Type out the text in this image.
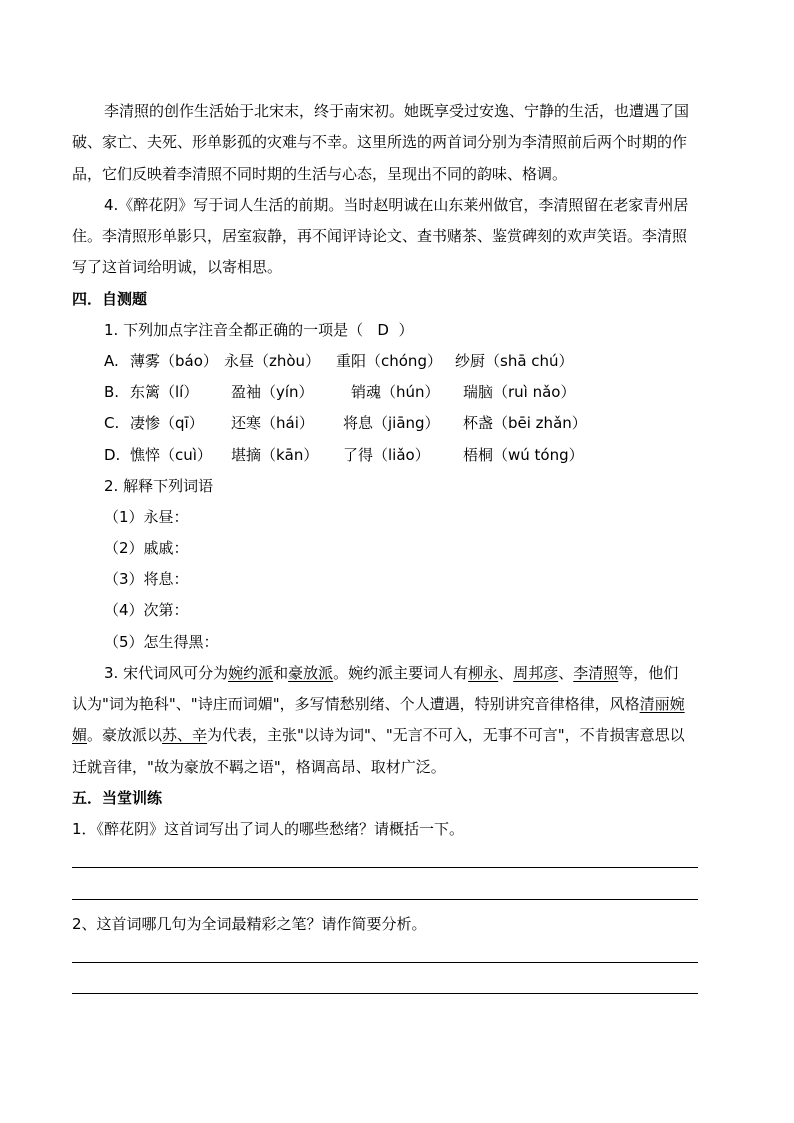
李清照的创作生活始于北宋末，终于南宋初。她既享受过安逸、宁静的生活，也遭遇了国
破、家亡、夫死、形单影孤的灾难与不幸。这里所选的两首词分别为李清照前后两个时期的作
品，它们反映着李清照不同时期的生活与心态，呈现出不同的韵味、格调。
4.《醉花阴》写于词人生活的前期。当时赵明诚在山东莱州做官，李清照留在老家青州居
住。李清照形单影只，居室寂静，再不闻评诗论文、查书赌茶、鉴赏碑刻的欢声笑语。李清照
写了这首词给明诚，以寄相思。
四．自测题
1. 下列加点字注音全都正确的一项是（   D  ）
A. 薄雾（báo） 永昼（zhòu） 重阳（chóng） 纱厨（shā chú）
B. 东篱（lí） 盈袖（yín） 销魂（hún） 瑞脑（ruì nǎo）
C. 凄惨（qī） 还寒（hái） 将息（jiāng） 杯盏（bēi zhǎn）
D. 憔悴（cuì） 堪摘（kān） 了得（liǎo） 梧桐（wú tóng）
2. 解释下列词语
（1）永昼：
（2）戚戚：
（3）将息：
（4）次第：
（5）怎生得黑：
3. 宋代词风可分为婉约派和豪放派。婉约派主要词人有柳永、周邦彦、李清照等，他们
认为"词为艳科"、"诗庄而词媚"，多写情愁别绪、个人遭遇，特别讲究音律格律，风格清丽婉
媚。豪放派以苏、辛为代表，主张"以诗为词"、"无言不可入，无事不可言"，不肯损害意思以
迁就音律，"故为豪放不羁之语"，格调高昂、取材广泛。
五．当堂训练
1．《醉花阴》这首词写出了词人的哪些愁绪？请概括一下。
2、这首词哪几句为全词最精彩之笔？请作简要分析。
